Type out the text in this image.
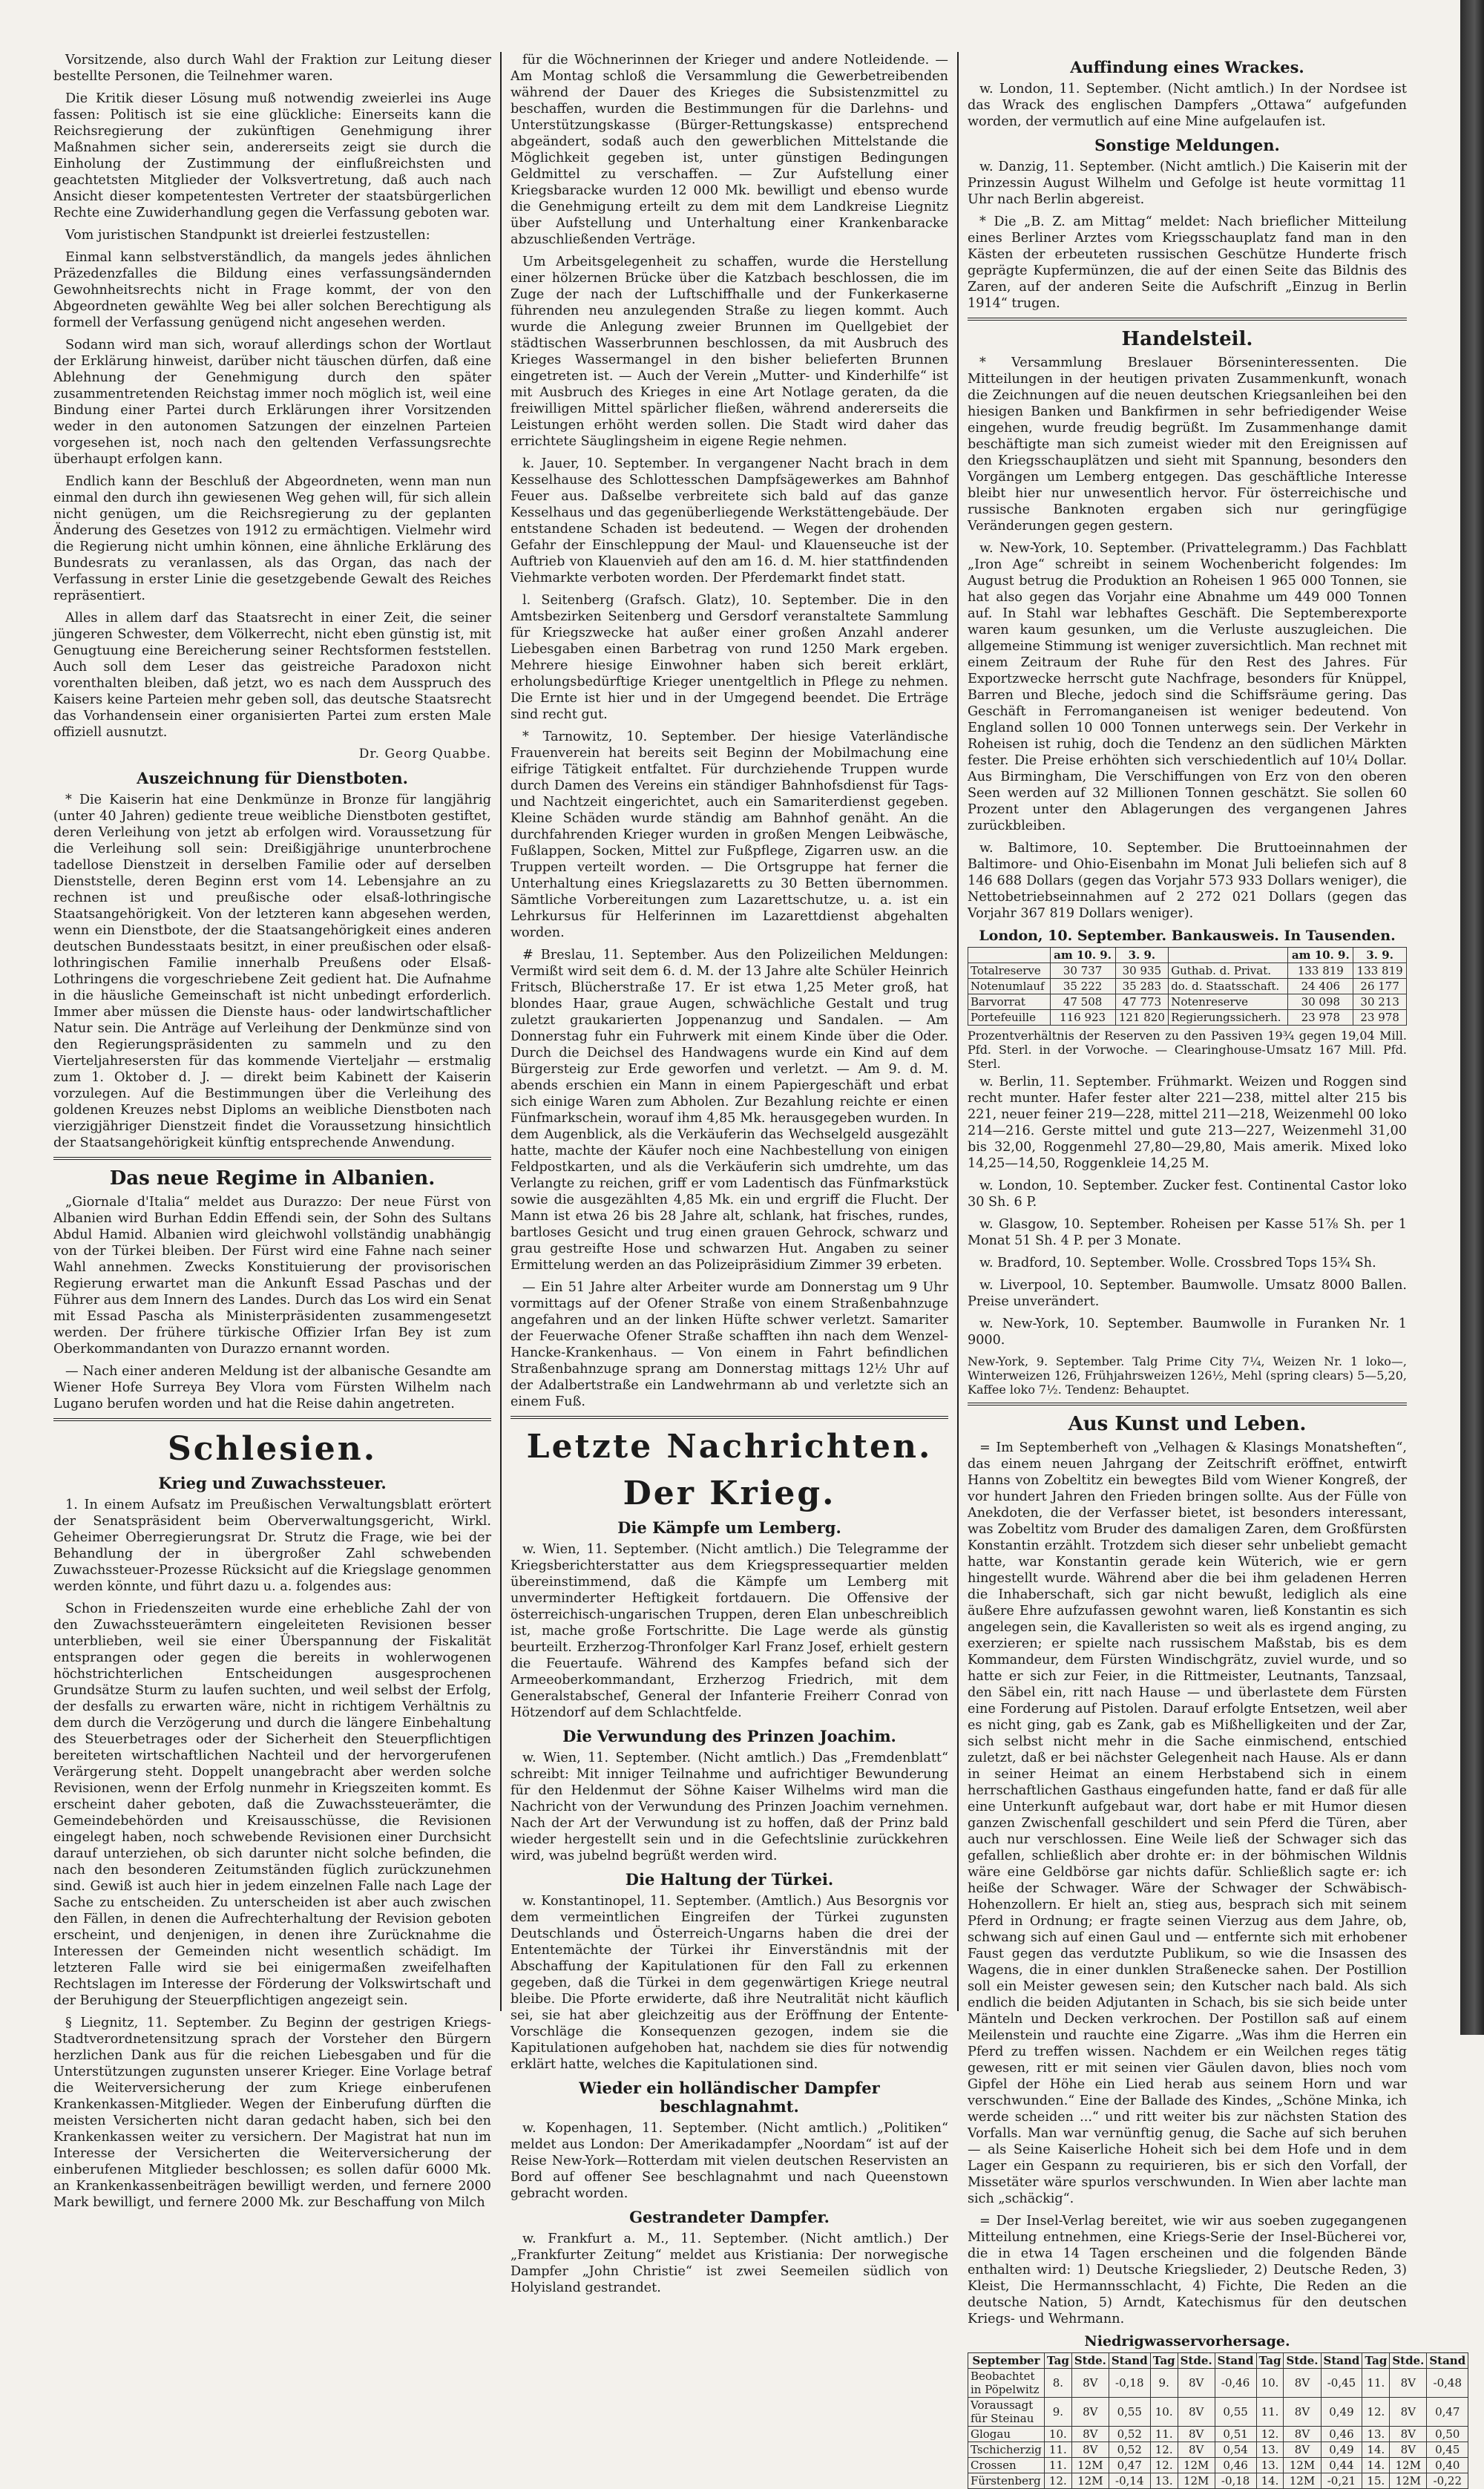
Vorsitzende, also durch Wahl der Fraktion zur Leitung dieser bestellte Personen, die Teilnehmer waren.

Die Kritik dieser Lösung muß notwendig zweierlei ins Auge fassen: Politisch ist sie eine glückliche: Einerseits kann die Reichsregierung der zukünftigen Genehmigung ihrer Maßnahmen sicher sein, andererseits zeigt sie durch die Einholung der Zustimmung der einflußreichsten und geachtetsten Mitglieder der Volksvertretung, daß auch nach Ansicht dieser kompetentesten Vertreter der staatsbürgerlichen Rechte eine Zuwiderhandlung gegen die Verfassung geboten war.

Vom juristischen Standpunkt ist dreierlei festzustellen:

Einmal kann selbstverständlich, da mangels jedes ähnlichen Präzedenzfalles die Bildung eines verfassungsändernden Gewohnheitsrechts nicht in Frage kommt, der von den Abgeordneten gewählte Weg bei aller solchen Berechtigung als formell der Verfassung genügend nicht angesehen werden.

Sodann wird man sich, worauf allerdings schon der Wortlaut der Erklärung hinweist, darüber nicht täuschen dürfen, daß eine Ablehnung der Genehmigung durch den später zusammentretenden Reichstag immer noch möglich ist, weil eine Bindung einer Partei durch Erklärungen ihrer Vorsitzenden weder in den autonomen Satzungen der einzelnen Parteien vorgesehen ist, noch nach den geltenden Verfassungsrechte überhaupt erfolgen kann.

Endlich kann der Beschluß der Abgeordneten, wenn man nun einmal den durch ihn gewiesenen Weg gehen will, für sich allein nicht genügen, um die Reichsregierung zu der geplanten Änderung des Gesetzes von 1912 zu ermächtigen. Vielmehr wird die Regierung nicht umhin können, eine ähnliche Erklärung des Bundesrats zu veranlassen, als das Organ, das nach der Verfassung in erster Linie die gesetzgebende Gewalt des Reiches repräsentiert.

Alles in allem darf das Staatsrecht in einer Zeit, die seiner jüngeren Schwester, dem Völkerrecht, nicht eben günstig ist, mit Genugtuung eine Bereicherung seiner Rechtsformen feststellen. Auch soll dem Leser das geistreiche Paradoxon nicht vorenthalten bleiben, daß jetzt, wo es nach dem Ausspruch des Kaisers keine Parteien mehr geben soll, das deutsche Staatsrecht das Vorhandensein einer organisierten Partei zum ersten Male offiziell ausnutzt.

Dr. Georg Quabbe.

Auszeichnung für Dienstboten.

* Die Kaiserin hat eine Denkmünze in Bronze für langjährig (unter 40 Jahren) gediente treue weibliche Dienstboten gestiftet, deren Verleihung von jetzt ab erfolgen wird. Voraussetzung für die Verleihung soll sein: Dreißigjährige ununterbrochene tadellose Dienstzeit in derselben Familie oder auf derselben Dienststelle, deren Beginn erst vom 14. Lebensjahre an zu rechnen ist und preußische oder elsaß-lothringische Staatsangehörigkeit. Von der letzteren kann abgesehen werden, wenn ein Dienstbote, der die Staatsangehörigkeit eines anderen deutschen Bundesstaats besitzt, in einer preußischen oder elsaß-lothringischen Familie innerhalb Preußens oder Elsaß-Lothringens die vorgeschriebene Zeit gedient hat. Die Aufnahme in die häusliche Gemeinschaft ist nicht unbedingt erforderlich. Immer aber müssen die Dienste haus- oder landwirtschaftlicher Natur sein. Die Anträge auf Verleihung der Denkmünze sind von den Regierungspräsidenten zu sammeln und zu den Vierteljahresersten für das kommende Vierteljahr — erstmalig zum 1. Oktober d. J. — direkt beim Kabinett der Kaiserin vorzulegen. Auf die Bestimmungen über die Verleihung des goldenen Kreuzes nebst Diploms an weibliche Dienstboten nach vierzigjähriger Dienstzeit findet die Voraussetzung hinsichtlich der Staatsangehörigkeit künftig entsprechende Anwendung.

Das neue Regime in Albanien.

„Giornale d'Italia“ meldet aus Durazzo: Der neue Fürst von Albanien wird Burhan Eddin Effendi sein, der Sohn des Sultans Abdul Hamid. Albanien wird gleichwohl vollständig unabhängig von der Türkei bleiben. Der Fürst wird eine Fahne nach seiner Wahl annehmen. Zwecks Konstituierung der provisorischen Regierung erwartet man die Ankunft Essad Paschas und der Führer aus dem Innern des Landes. Durch das Los wird ein Senat mit Essad Pascha als Ministerpräsidenten zusammengesetzt werden. Der frühere türkische Offizier Irfan Bey ist zum Oberkommandanten von Durazzo ernannt worden.

— Nach einer anderen Meldung ist der albanische Gesandte am Wiener Hofe Surreya Bey Vlora vom Fürsten Wilhelm nach Lugano berufen worden und hat die Reise dahin angetreten.

Schlesien.
Krieg und Zuwachssteuer.

1. In einem Aufsatz im Preußischen Verwaltungsblatt erörtert der Senatspräsident beim Oberverwaltungsgericht, Wirkl. Geheimer Oberregierungsrat Dr. Strutz die Frage, wie bei der Behandlung der in übergroßer Zahl schwebenden Zuwachssteuer-Prozesse Rücksicht auf die Kriegslage genommen werden könnte, und führt dazu u. a. folgendes aus:

Schon in Friedenszeiten wurde eine erhebliche Zahl der von den Zuwachssteuerämtern eingeleiteten Revisionen besser unterblieben, weil sie einer Überspannung der Fiskalität entsprangen oder gegen die bereits in wohlerwogenen höchstrichterlichen Entscheidungen ausgesprochenen Grundsätze Sturm zu laufen suchten, und weil selbst der Erfolg, der desfalls zu erwarten wäre, nicht in richtigem Verhältnis zu dem durch die Verzögerung und durch die längere Einbehaltung des Steuerbetrages oder der Sicherheit den Steuerpflichtigen bereiteten wirtschaftlichen Nachteil und der hervorgerufenen Verärgerung steht. Doppelt unangebracht aber werden solche Revisionen, wenn der Erfolg nunmehr in Kriegszeiten kommt. Es erscheint daher geboten, daß die Zuwachssteuerämter, die Gemeindebehörden und Kreisausschüsse, die Revisionen eingelegt haben, noch schwebende Revisionen einer Durchsicht darauf unterziehen, ob sich darunter nicht solche befinden, die nach den besonderen Zeitumständen füglich zurückzunehmen sind. Gewiß ist auch hier in jedem einzelnen Falle nach Lage der Sache zu entscheiden. Zu unterscheiden ist aber auch zwischen den Fällen, in denen die Aufrechterhaltung der Revision geboten erscheint, und denjenigen, in denen ihre Zurücknahme die Interessen der Gemeinden nicht wesentlich schädigt. Im letzteren Falle wird sie bei einigermaßen zweifelhaften Rechtslagen im Interesse der Förderung der Volkswirtschaft und der Beruhigung der Steuerpflichtigen angezeigt sein.

§ Liegnitz, 11. September. Zu Beginn der gestrigen Kriegs-Stadtverordnetensitzung sprach der Vorsteher den Bürgern herzlichen Dank aus für die reichen Liebesgaben und für die Unterstützungen zugunsten unserer Krieger. Eine Vorlage betraf die Weiterversicherung der zum Kriege einberufenen Krankenkassen-Mitglieder. Wegen der Einberufung dürften die meisten Versicherten nicht daran gedacht haben, sich bei den Krankenkassen weiter zu versichern. Der Magistrat hat nun im Interesse der Versicherten die Weiterversicherung der einberufenen Mitglieder beschlossen; es sollen dafür 6000 Mk. an Krankenkassenbeiträgen bewilligt werden, und fernere 2000 Mark bewilligt, und fernere 2000 Mk. zur Beschaffung von Milch

für die Wöchnerinnen der Krieger und andere Notleidende. — Am Montag schloß die Versammlung die Gewerbetreibenden während der Dauer des Krieges die Subsistenzmittel zu beschaffen, wurden die Bestimmungen für die Darlehns- und Unterstützungskasse (Bürger-Rettungskasse) entsprechend abgeändert, sodaß auch den gewerblichen Mittelstande die Möglichkeit gegeben ist, unter günstigen Bedingungen Geldmittel zu verschaffen. — Zur Aufstellung einer Kriegsbaracke wurden 12 000 Mk. bewilligt und ebenso wurde die Genehmigung erteilt zu dem mit dem Landkreise Liegnitz über Aufstellung und Unterhaltung einer Krankenbaracke abzuschließenden Verträge.

Um Arbeitsgelegenheit zu schaffen, wurde die Herstellung einer hölzernen Brücke über die Katzbach beschlossen, die im Zuge der nach der Luftschiffhalle und der Funkerkaserne führenden neu anzulegenden Straße zu liegen kommt. Auch wurde die Anlegung zweier Brunnen im Quellgebiet der städtischen Wasserbrunnen beschlossen, da mit Ausbruch des Krieges Wassermangel in den bisher belieferten Brunnen eingetreten ist. — Auch der Verein „Mutter- und Kinderhilfe“ ist mit Ausbruch des Krieges in eine Art Notlage geraten, da die freiwilligen Mittel spärlicher fließen, während andererseits die Leistungen erhöht werden sollen. Die Stadt wird daher das errichtete Säuglingsheim in eigene Regie nehmen.

k. Jauer, 10. September. In vergangener Nacht brach in dem Kesselhause des Schlottesschen Dampfsägewerkes am Bahnhof Feuer aus. Daßselbe verbreitete sich bald auf das ganze Kesselhaus und das gegenüberliegende Werkstättengebäude. Der entstandene Schaden ist bedeutend. — Wegen der drohenden Gefahr der Einschleppung der Maul- und Klauenseuche ist der Auftrieb von Klauenvieh auf den am 16. d. M. hier stattfindenden Viehmarkte verboten worden. Der Pferdemarkt findet statt.

l. Seitenberg (Grafsch. Glatz), 10. September. Die in den Amtsbezirken Seitenberg und Gersdorf veranstaltete Sammlung für Kriegszwecke hat außer einer großen Anzahl anderer Liebesgaben einen Barbetrag von rund 1250 Mark ergeben. Mehrere hiesige Einwohner haben sich bereit erklärt, erholungsbedürftige Krieger unentgeltlich in Pflege zu nehmen. Die Ernte ist hier und in der Umgegend beendet. Die Erträge sind recht gut.

* Tarnowitz, 10. September. Der hiesige Vaterländische Frauenverein hat bereits seit Beginn der Mobilmachung eine eifrige Tätigkeit entfaltet. Für durchziehende Truppen wurde durch Damen des Vereins ein ständiger Bahnhofsdienst für Tags- und Nachtzeit eingerichtet, auch ein Samariterdienst gegeben. Kleine Schäden wurde ständig am Bahnhof genäht. An die durchfahrenden Krieger wurden in großen Mengen Leibwäsche, Fußlappen, Socken, Mittel zur Fußpflege, Zigarren usw. an die Truppen verteilt worden. — Die Ortsgruppe hat ferner die Unterhaltung eines Kriegslazaretts zu 30 Betten übernommen. Sämtliche Vorbereitungen zum Lazarettschutze, u. a. ist ein Lehrkursus für Helferinnen im Lazarettdienst abgehalten worden.

# Breslau, 11. September. Aus den Polizeilichen Meldungen: Vermißt wird seit dem 6. d. M. der 13 Jahre alte Schüler Heinrich Fritsch, Blücherstraße 17. Er ist etwa 1,25 Meter groß, hat blondes Haar, graue Augen, schwächliche Gestalt und trug zuletzt graukarierten Joppenanzug und Sandalen. — Am Donnerstag fuhr ein Fuhrwerk mit einem Kinde über die Oder. Durch die Deichsel des Handwagens wurde ein Kind auf dem Bürgersteig zur Erde geworfen und verletzt. — Am 9. d. M. abends erschien ein Mann in einem Papiergeschäft und erbat sich einige Waren zum Abholen. Zur Bezahlung reichte er einen Fünfmarkschein, worauf ihm 4,85 Mk. herausgegeben wurden. In dem Augenblick, als die Verkäuferin das Wechselgeld ausgezählt hatte, machte der Käufer noch eine Nachbestellung von einigen Feldpostkarten, und als die Verkäuferin sich umdrehte, um das Verlangte zu reichen, griff er vom Ladentisch das Fünfmarkstück sowie die ausgezählten 4,85 Mk. ein und ergriff die Flucht. Der Mann ist etwa 26 bis 28 Jahre alt, schlank, hat frisches, rundes, bartloses Gesicht und trug einen grauen Gehrock, schwarz und grau gestreifte Hose und schwarzen Hut. Angaben zu seiner Ermittelung werden an das Polizeipräsidium Zimmer 39 erbeten.

— Ein 51 Jahre alter Arbeiter wurde am Donnerstag um 9 Uhr vormittags auf der Ofener Straße von einem Straßenbahnzuge angefahren und an der linken Hüfte schwer verletzt. Samariter der Feuerwache Ofener Straße schafften ihn nach dem Wenzel-Hancke-Krankenhaus. — Von einem in Fahrt befindlichen Straßenbahnzuge sprang am Donnerstag mittags 12½ Uhr auf der Adalbertstraße ein Landwehrmann ab und verletzte sich an einem Fuß.

Letzte Nachrichten.
Der Krieg.
Die Kämpfe um Lemberg.

w. Wien, 11. September. (Nicht amtlich.) Die Telegramme der Kriegsberichterstatter aus dem Kriegspressequartier melden übereinstimmend, daß die Kämpfe um Lemberg mit unverminderter Heftigkeit fortdauern. Die Offensive der österreichisch-ungarischen Truppen, deren Elan unbeschreiblich ist, mache große Fortschritte. Die Lage werde als günstig beurteilt. Erzherzog-Thronfolger Karl Franz Josef, erhielt gestern die Feuertaufe. Während des Kampfes befand sich der Armeeoberkommandant, Erzherzog Friedrich, mit dem Generalstabschef, General der Infanterie Freiherr Conrad von Hötzendorf auf dem Schlachtfelde.

Die Verwundung des Prinzen Joachim.

w. Wien, 11. September. (Nicht amtlich.) Das „Fremdenblatt“ schreibt: Mit inniger Teilnahme und aufrichtiger Bewunderung für den Heldenmut der Söhne Kaiser Wilhelms wird man die Nachricht von der Verwundung des Prinzen Joachim vernehmen. Nach der Art der Verwundung ist zu hoffen, daß der Prinz bald wieder hergestellt sein und in die Gefechtslinie zurückkehren wird, was jubelnd begrüßt werden wird.

Die Haltung der Türkei.

w. Konstantinopel, 11. September. (Amtlich.) Aus Besorgnis vor dem vermeintlichen Eingreifen der Türkei zugunsten Deutschlands und Österreich-Ungarns haben die drei der Ententemächte der Türkei ihr Einverständnis mit der Abschaffung der Kapitulationen für den Fall zu erkennen gegeben, daß die Türkei in dem gegenwärtigen Kriege neutral bleibe. Die Pforte erwiderte, daß ihre Neutralität nicht käuflich sei, sie hat aber gleichzeitig aus der Eröffnung der Entente-Vorschläge die Konsequenzen gezogen, indem sie die Kapitulationen aufgehoben hat, nachdem sie dies für notwendig erklärt hatte, welches die Kapitulationen sind.

Wieder ein holländischer Dampfer beschlagnahmt.

w. Kopenhagen, 11. September. (Nicht amtlich.) „Politiken“ meldet aus London: Der Amerikadampfer „Noordam“ ist auf der Reise New-York—Rotterdam mit vielen deutschen Reservisten an Bord auf offener See beschlagnahmt und nach Queenstown gebracht worden.

Gestrandeter Dampfer.

w. Frankfurt a. M., 11. September. (Nicht amtlich.) Der „Frankfurter Zeitung“ meldet aus Kristiania: Der norwegische Dampfer „John Christie“ ist zwei Seemeilen südlich von Holyisland gestrandet.

Auffindung eines Wrackes.

w. London, 11. September. (Nicht amtlich.) In der Nordsee ist das Wrack des englischen Dampfers „Ottawa“ aufgefunden worden, der vermutlich auf eine Mine aufgelaufen ist.

Sonstige Meldungen.

w. Danzig, 11. September. (Nicht amtlich.) Die Kaiserin mit der Prinzessin August Wilhelm und Gefolge ist heute vormittag 11 Uhr nach Berlin abgereist.

* Die „B. Z. am Mittag“ meldet: Nach brieflicher Mitteilung eines Berliner Arztes vom Kriegsschauplatz fand man in den Kästen der erbeuteten russischen Geschütze Hunderte frisch geprägte Kupfermünzen, die auf der einen Seite das Bildnis des Zaren, auf der anderen Seite die Aufschrift „Einzug in Berlin 1914“ trugen.

Handelsteil.

* Versammlung Breslauer Börseninteressenten. Die Mitteilungen in der heutigen privaten Zusammenkunft, wonach die Zeichnungen auf die neuen deutschen Kriegsanleihen bei den hiesigen Banken und Bankfirmen in sehr befriedigender Weise eingehen, wurde freudig begrüßt. Im Zusammenhange damit beschäftigte man sich zumeist wieder mit den Ereignissen auf den Kriegsschauplätzen und sieht mit Spannung, besonders den Vorgängen um Lemberg entgegen. Das geschäftliche Interesse bleibt hier nur unwesentlich hervor. Für österreichische und russische Banknoten ergaben sich nur geringfügige Veränderungen gegen gestern.

w. New-York, 10. September. (Privattelegramm.) Das Fachblatt „Iron Age“ schreibt in seinem Wochenbericht folgendes: Im August betrug die Produktion an Roheisen 1 965 000 Tonnen, sie hat also gegen das Vorjahr eine Abnahme um 449 000 Tonnen auf. In Stahl war lebhaftes Geschäft. Die Septemberexporte waren kaum gesunken, um die Verluste auszugleichen. Die allgemeine Stimmung ist weniger zuversichtlich. Man rechnet mit einem Zeitraum der Ruhe für den Rest des Jahres. Für Exportzwecke herrscht gute Nachfrage, besonders für Knüppel, Barren und Bleche, jedoch sind die Schiffsräume gering. Das Geschäft in Ferromanganeisen ist weniger bedeutend. Von England sollen 10 000 Tonnen unterwegs sein. Der Verkehr in Roheisen ist ruhig, doch die Tendenz an den südlichen Märkten fester. Die Preise erhöhten sich verschiedentlich auf 10¼ Dollar. Aus Birmingham, Die Verschiffungen von Erz von den oberen Seen werden auf 32 Millionen Tonnen geschätzt. Sie sollen 60 Prozent unter den Ablagerungen des vergangenen Jahres zurückbleiben.

w. Baltimore, 10. September. Die Bruttoeinnahmen der Baltimore- und Ohio-Eisenbahn im Monat Juli beliefen sich auf 8 146 688 Dollars (gegen das Vorjahr 573 933 Dollars weniger), die Nettobetriebseinnahmen auf 2 272 021 Dollars (gegen das Vorjahr 367 819 Dollars weniger).

London, 10. September. Bankausweis. In Tausenden.
	am 10. 9.	3. 9.		am 10. 9.	3. 9.
Totalreserve	30 737	30 935	Guthab. d. Privat.	133 819	133 819
Notenumlauf	35 222	35 283	do. d. Staatsschaft.	24 406	26 177
Barvorrat	47 508	47 773	Notenreserve	30 098	30 213
Portefeuille	116 923	121 820	Regierungssicherh.	23 978	23 978

Prozentverhältnis der Reserven zu den Passiven 19¾ gegen 19,04 Mill. Pfd. Sterl. in der Vorwoche. — Clearinghouse-Umsatz 167 Mill. Pfd. Sterl.

w. Berlin, 11. September. Frühmarkt. Weizen und Roggen sind recht munter. Hafer fester alter 221—238, mittel alter 215 bis 221, neuer feiner 219—228, mittel 211—218, Weizenmehl 00 loko 214—216. Gerste mittel und gute 213—227, Weizenmehl 31,00 bis 32,00, Roggenmehl 27,80—29,80, Mais amerik. Mixed loko 14,25—14,50, Roggenkleie 14,25 M.

w. London, 10. September. Zucker fest. Continental Castor loko 30 Sh. 6 P.

w. Glasgow, 10. September. Roheisen per Kasse 51⅞ Sh. per 1 Monat 51 Sh. 4 P. per 3 Monate.

w. Bradford, 10. September. Wolle. Crossbred Tops 15¾ Sh.

w. Liverpool, 10. September. Baumwolle. Umsatz 8000 Ballen. Preise unverändert.

w. New-York, 10. September. Baumwolle in Furanken Nr. 1 9000.

New-York, 9. September. Talg Prime City 7¼, Weizen Nr. 1 loko—, Winterweizen 126, Frühjahrsweizen 126½, Mehl (spring clears) 5—5,20, Kaffee loko 7½. Tendenz: Behauptet.

Aus Kunst und Leben.

= Im Septemberheft von „Velhagen & Klasings Monatsheften“, das einem neuen Jahrgang der Zeitschrift eröffnet, entwirft Hanns von Zobeltitz ein bewegtes Bild vom Wiener Kongreß, der vor hundert Jahren den Frieden bringen sollte. Aus der Fülle von Anekdoten, die der Verfasser bietet, ist besonders interessant, was Zobeltitz vom Bruder des damaligen Zaren, dem Großfürsten Konstantin erzählt. Trotzdem sich dieser sehr unbeliebt gemacht hatte, war Konstantin gerade kein Wüterich, wie er gern hingestellt wurde. Während aber die bei ihm geladenen Herren die Inhaberschaft, sich gar nicht bewußt, lediglich als eine äußere Ehre aufzufassen gewohnt waren, ließ Konstantin es sich angelegen sein, die Kavalleristen so weit als es irgend anging, zu exerzieren; er spielte nach russischem Maßstab, bis es dem Kommandeur, dem Fürsten Windischgrätz, zuviel wurde, und so hatte er sich zur Feier, in die Rittmeister, Leutnants, Tanzsaal, den Säbel ein, ritt nach Hause — und überlastete dem Fürsten eine Forderung auf Pistolen. Darauf erfolgte Entsetzen, weil aber es nicht ging, gab es Zank, gab es Mißhelligkeiten und der Zar, sich selbst nicht mehr in die Sache einmischend, entschied zuletzt, daß er bei nächster Gelegenheit nach Hause. Als er dann in seiner Heimat an einem Herbstabend sich in einem herrschaftlichen Gasthaus eingefunden hatte, fand er daß für alle eine Unterkunft aufgebaut war, dort habe er mit Humor diesen ganzen Zwischenfall geschildert und sein Pferd die Türen, aber auch nur verschlossen. Eine Weile ließ der Schwager sich das gefallen, schließlich aber drohte er: in der böhmischen Wildnis wäre eine Geldbörse gar nichts dafür. Schließlich sagte er: ich heiße der Schwager. Wäre der Schwager der Schwäbisch-Hohenzollern. Er hielt an, stieg aus, besprach sich mit seinem Pferd in Ordnung; er fragte seinen Vierzug aus dem Jahre, ob, schwang sich auf einen Gaul und — entfernte sich mit erhobener Faust gegen das verdutzte Publikum, so wie die Insassen des Wagens, die in einer dunklen Straßenecke sahen. Der Postillion soll ein Meister gewesen sein; den Kutscher nach bald. Als sich endlich die beiden Adjutanten in Schach, bis sie sich beide unter Mänteln und Decken verkrochen. Der Postillon saß auf einem Meilenstein und rauchte eine Zigarre. „Was ihm die Herren ein Pferd zu treffen wissen. Nachdem er ein Weilchen reges tätig gewesen, ritt er mit seinen vier Gäulen davon, blies noch vom Gipfel der Höhe ein Lied herab aus seinem Horn und war verschwunden.“ Eine der Ballade des Kindes, „Schöne Minka, ich werde scheiden ...“ und ritt weiter bis zur nächsten Station des Vorfalls. Man war vernünftig genug, die Sache auf sich beruhen — als Seine Kaiserliche Hoheit sich bei dem Hofe und in dem Lager ein Gespann zu requirieren, bis er sich den Vorfall, der Missetäter wäre spurlos verschwunden. In Wien aber lachte man sich „schäckig“.

= Der Insel-Verlag bereitet, wie wir aus soeben zugegangenen Mitteilung entnehmen, eine Kriegs-Serie der Insel-Bücherei vor, die in etwa 14 Tagen erscheinen und die folgenden Bände enthalten wird: 1) Deutsche Kriegslieder, 2) Deutsche Reden, 3) Kleist, Die Hermannsschlacht, 4) Fichte, Die Reden an die deutsche Nation, 5) Arndt, Katechismus für den deutschen Kriegs- und Wehrmann.

Niedrigwasservorhersage.
September	Tag	Stde.	Stand	Tag	Stde.	Stand	Tag	Stde.	Stand	Tag	Stde.	Stand
Beobachtet in Pöpelwitz	8.	8V	-0,18	9.	8V	-0,46	10.	8V	-0,45	11.	8V	-0,48
Voraussagt für Steinau	9.	8V	0,55	10.	8V	0,55	11.	8V	0,49	12.	8V	0,47
Glogau	10.	8V	0,52	11.	8V	0,51	12.	8V	0,46	13.	8V	0,50
Tschicherzig	11.	8V	0,52	12.	8V	0,54	13.	8V	0,49	14.	8V	0,45
Crossen	11.	12M	0,47	12.	12M	0,46	13.	12M	0,44	14.	12M	0,40
Fürstenberg	12.	12M	-0,14	13.	12M	-0,18	14.	12M	-0,21	15.	12M	-0,22
